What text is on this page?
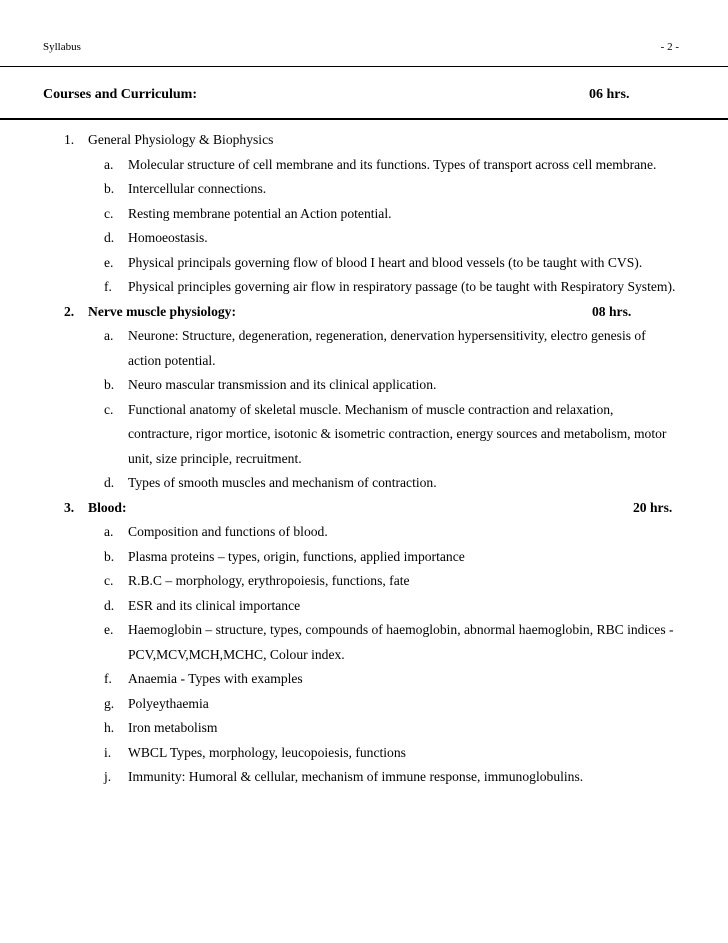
Syllabus	- 2 -
Courses and Curriculum:	06 hrs.
1. General Physiology & Biophysics
a. Molecular structure of cell membrane and its functions. Types of transport across cell membrane.
b. Intercellular connections.
c. Resting membrane potential an Action potential.
d. Homoeostasis.
e. Physical principals governing flow of blood I heart and blood vessels (to be taught with CVS).
f. Physical principles governing air flow in respiratory passage (to be taught with Respiratory System).
2. Nerve muscle physiology:	08 hrs.
a. Neurone: Structure, degeneration, regeneration, denervation hypersensitivity, electro genesis of action potential.
b. Neuro mascular transmission and its clinical application.
c. Functional anatomy of skeletal muscle. Mechanism of muscle contraction and relaxation, contracture, rigor mortice, isotonic & isometric contraction, energy sources and metabolism, motor unit, size principle, recruitment.
d. Types of smooth muscles and mechanism of contraction.
3. Blood:	20 hrs.
a. Composition and functions of blood.
b. Plasma proteins – types, origin, functions, applied importance
c. R.B.C – morphology, erythropoiesis, functions, fate
d. ESR and its clinical importance
e. Haemoglobin – structure, types, compounds of haemoglobin, abnormal haemoglobin, RBC indices - PCV,MCV,MCH,MCHC, Colour index.
f. Anaemia - Types with examples
g. Polyeythaemia
h. Iron metabolism
i. WBCL Types, morphology, leucopoiesis, functions
j. Immunity: Humoral & cellular, mechanism of immune response, immunoglobulins.
